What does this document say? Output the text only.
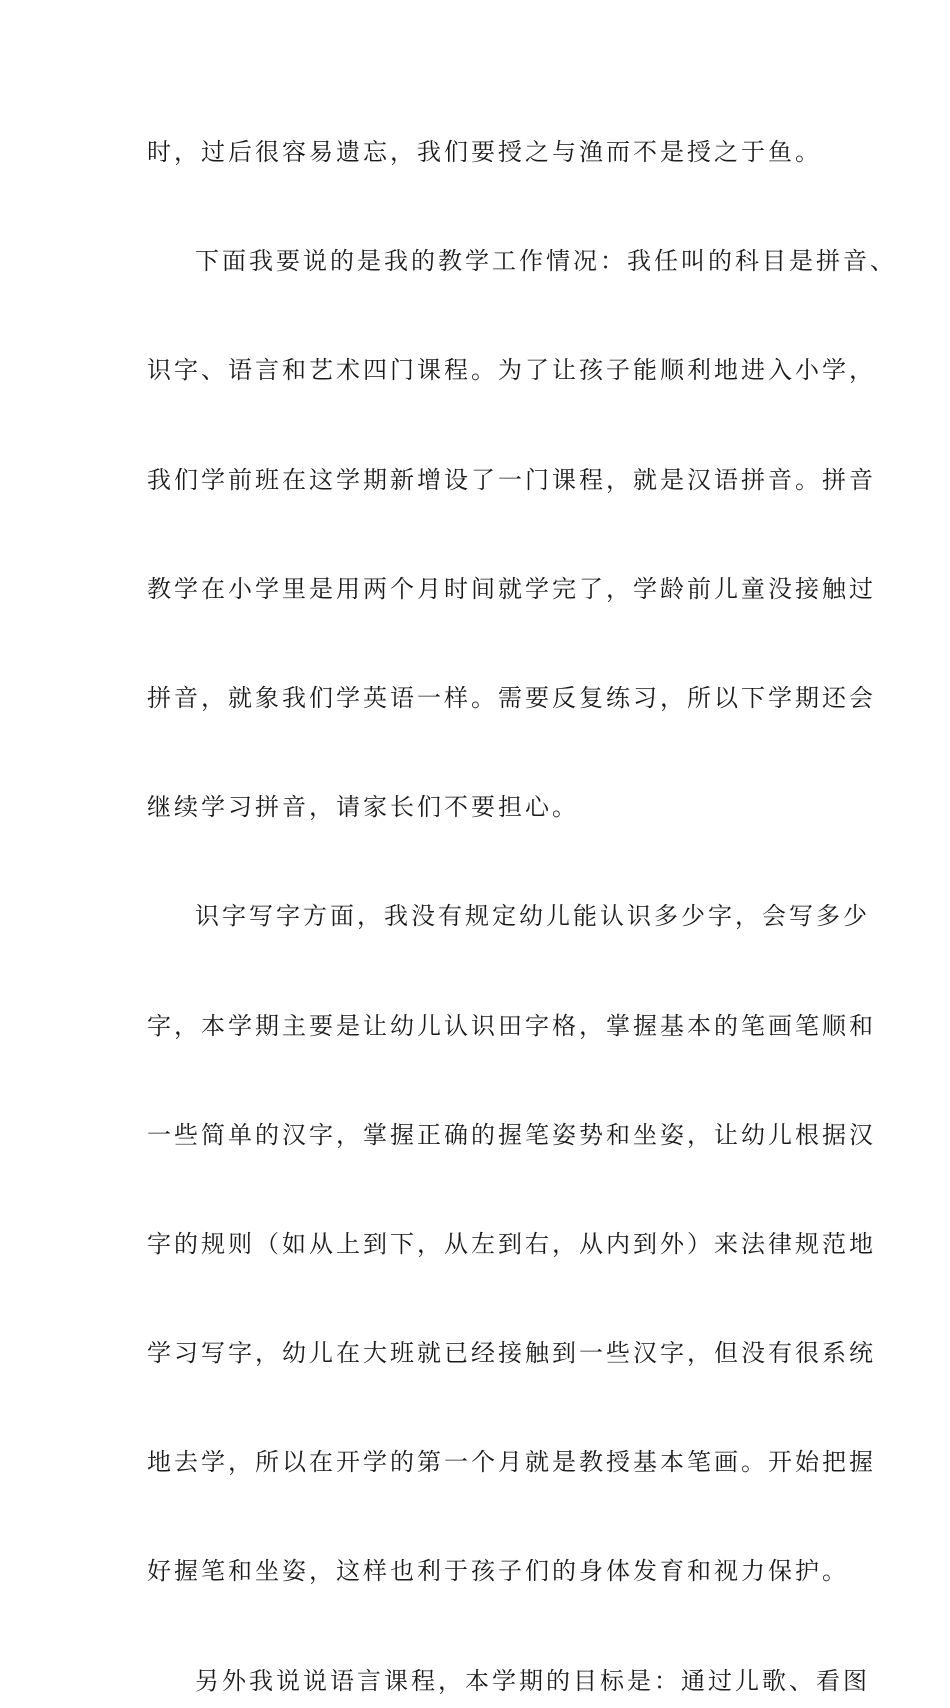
时，过后很容易遗忘，我们要授之与渔而不是授之于鱼。
下面我要说的是我的教学工作情况：我任叫的科目是拼音、
识字、语言和艺术四门课程。为了让孩子能顺利地进入小学，
我们学前班在这学期新增设了一门课程，就是汉语拼音。拼音
教学在小学里是用两个月时间就学完了，学龄前儿童没接触过
拼音，就象我们学英语一样。需要反复练习，所以下学期还会
继续学习拼音，请家长们不要担心。
识字写字方面，我没有规定幼儿能认识多少字，会写多少
字，本学期主要是让幼儿认识田字格，掌握基本的笔画笔顺和
一些简单的汉字，掌握正确的握笔姿势和坐姿，让幼儿根据汉
字的规则（如从上到下，从左到右，从内到外）来法律规范地
学习写字，幼儿在大班就已经接触到一些汉字，但没有很系统
地去学，所以在开学的第一个月就是教授基本笔画。开始把握
好握笔和坐姿，这样也利于孩子们的身体发育和视力保护。
另外我说说语言课程，本学期的目标是：通过儿歌、看图
